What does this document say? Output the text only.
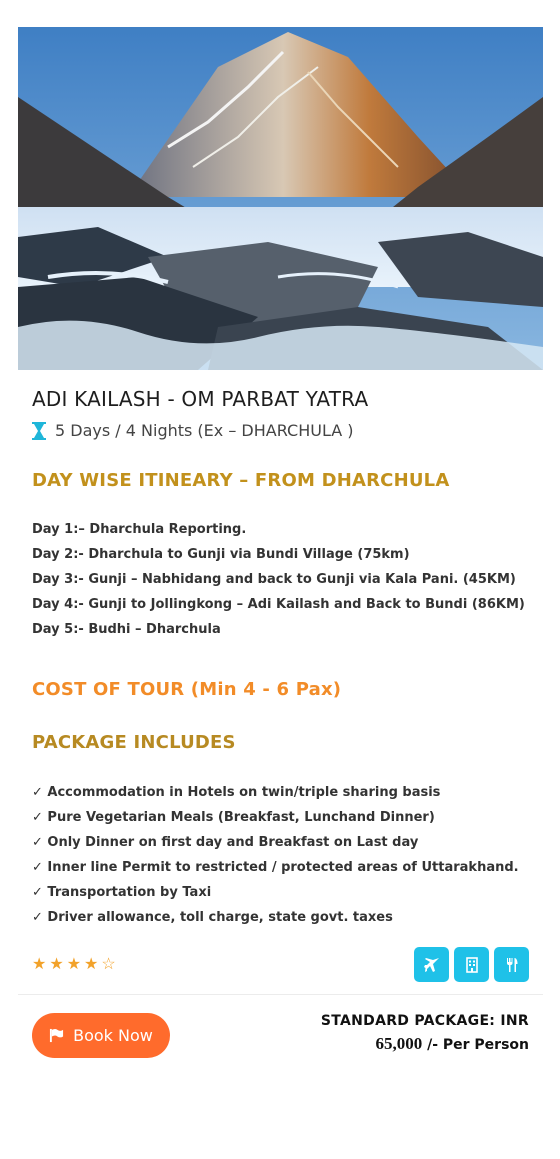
ADI KAILASH - OM PARBAT YATRA
5 Days / 4 Nights (Ex – DHARCHULA )
DAY WISE ITINEARY – FROM DHARCHULA
Day 1:– Dharchula Reporting.
Day 2:- Dharchula to Gunji via Bundi Village (75km)
Day 3:- Gunji – Nabhidang and back to Gunji via Kala Pani. (45KM)
Day 4:- Gunji to Jollingkong – Adi Kailash and Back to Bundi (86KM)
Day 5:- Budhi – Dharchula
COST OF TOUR (Min 4 - 6 Pax)
PACKAGE INCLUDES
✓ Accommodation in Hotels on twin/triple sharing basis
✓ Pure Vegetarian Meals (Breakfast, Lunchand Dinner)
✓ Only Dinner on first day and Breakfast on Last day
✓ Inner line Permit to restricted / protected areas of Uttarakhand.
✓ Transportation by Taxi
✓ Driver allowance, toll charge, state govt. taxes
★ ★ ★ ★ ☆
Book Now
STANDARD PACKAGE: INR
65,000 /- Per Person
